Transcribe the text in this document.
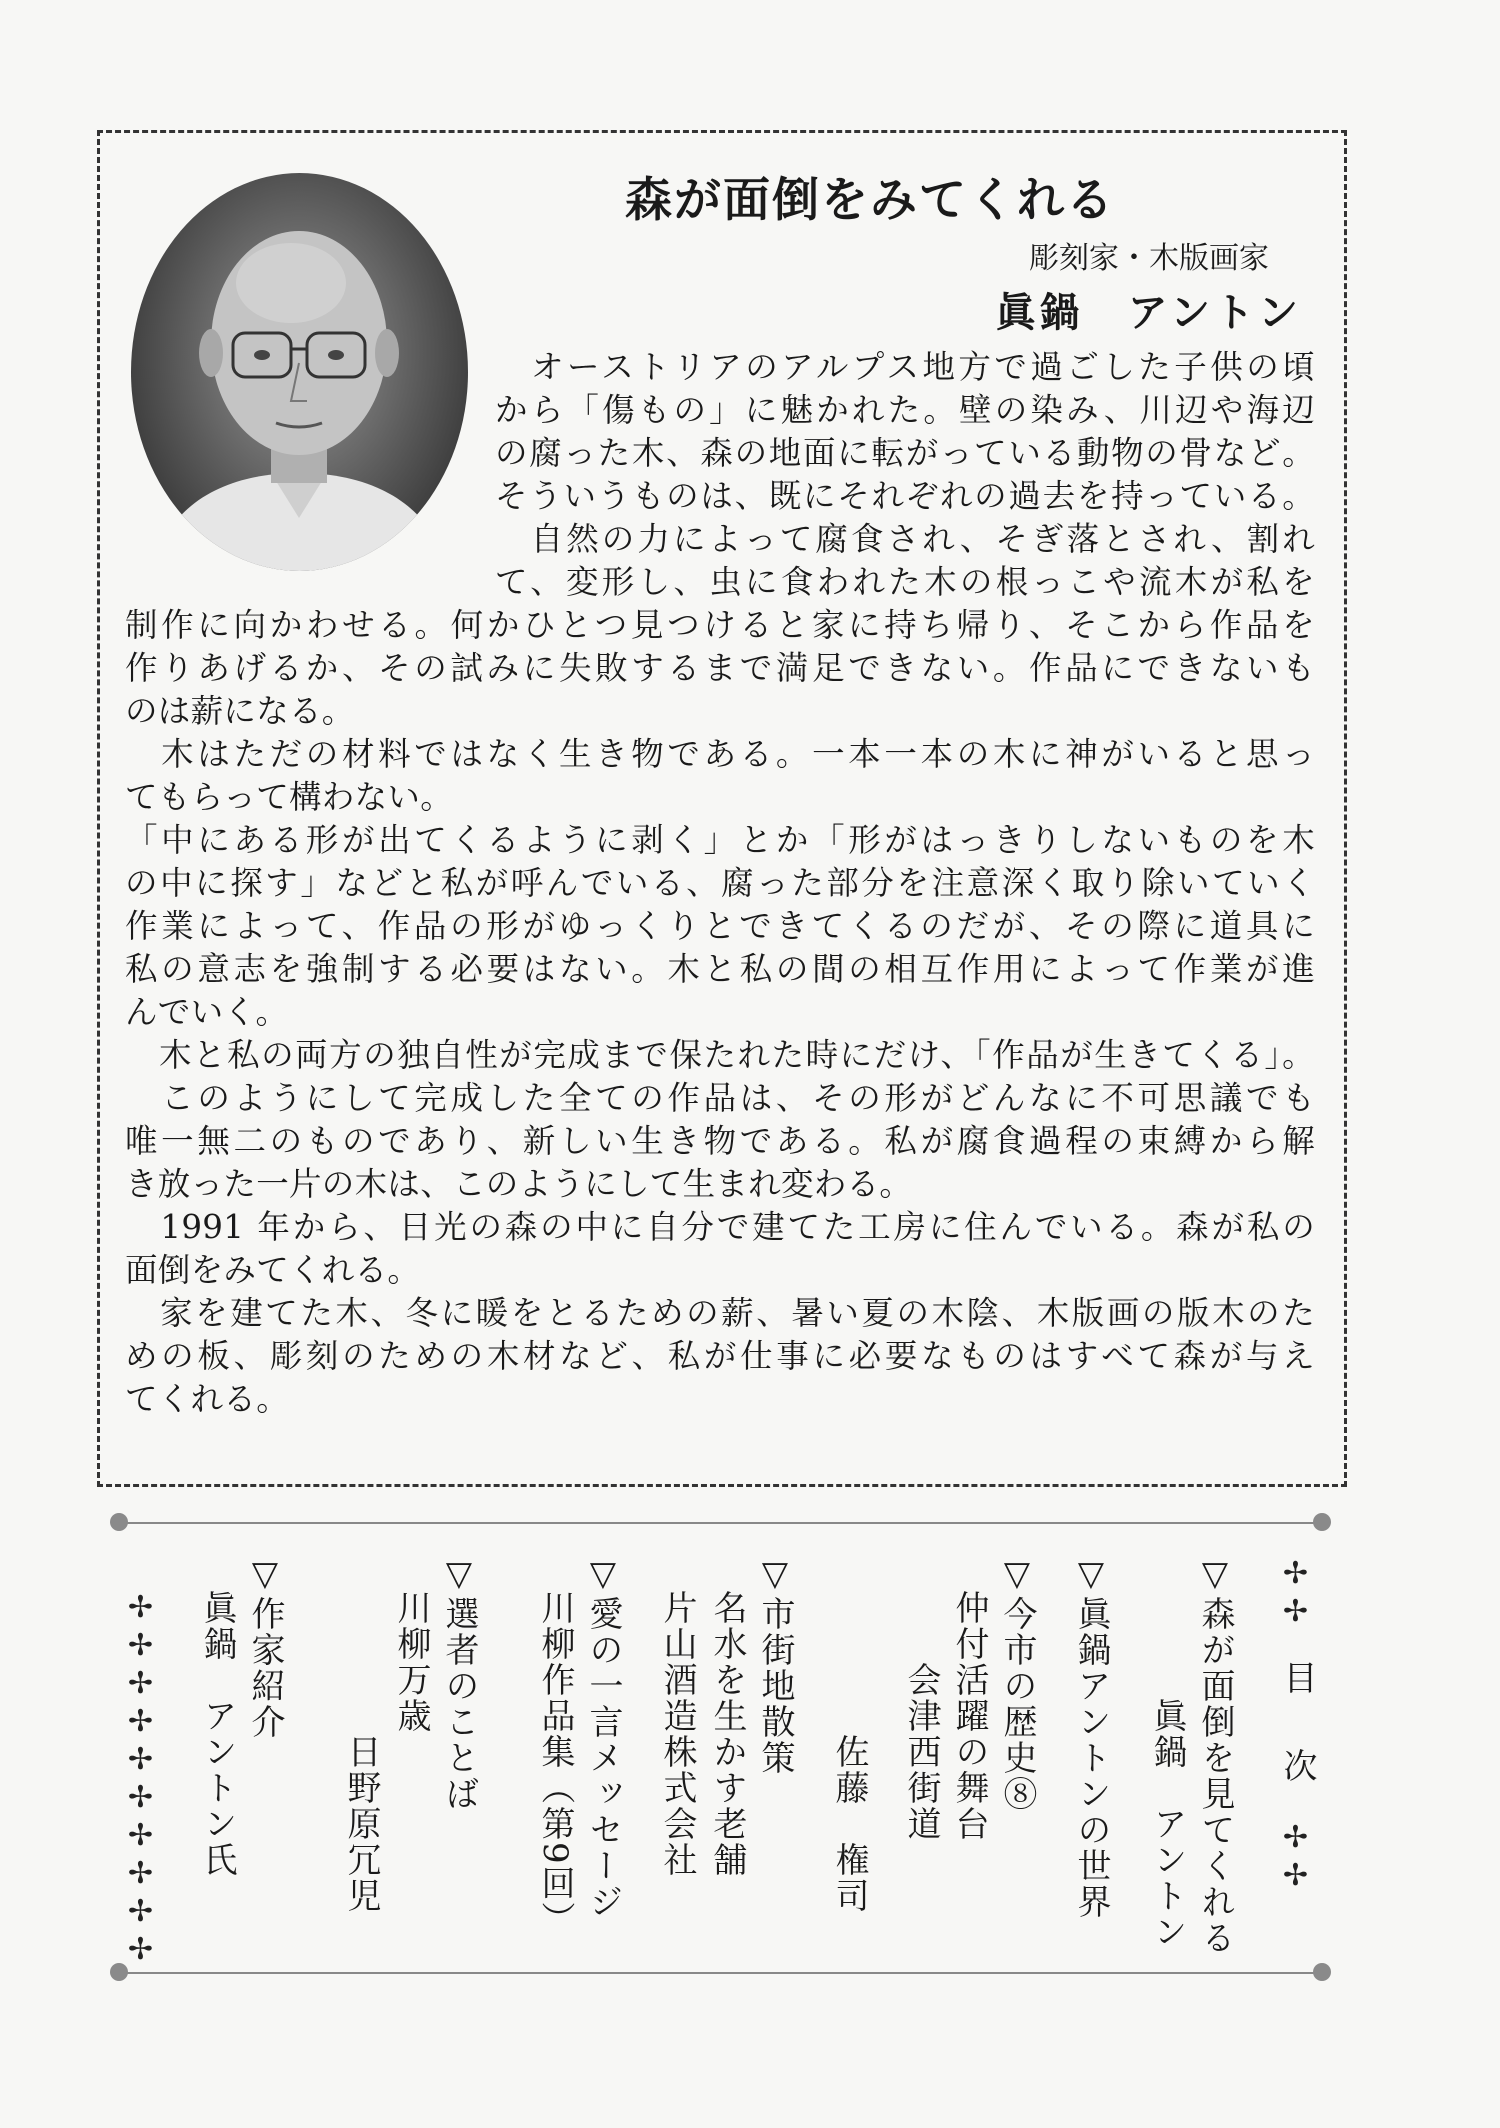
森が面倒をみてくれる
彫刻家・木版画家
眞鍋　アントン
　オーストリアのアルプス地方で過ごした子供の頃
から「傷もの」に魅かれた。壁の染み、川辺や海辺
の腐った木、森の地面に転がっている動物の骨など。
そういうものは、既にそれぞれの過去を持っている。
　自然の力によって腐食され、そぎ落とされ、割れ
て、変形し、虫に食われた木の根っこや流木が私を
制作に向かわせる。何かひとつ見つけると家に持ち帰り、そこから作品を
作りあげるか、その試みに失敗するまで満足できない。作品にできないも
のは薪になる。
　木はただの材料ではなく生き物である。一本一本の木に神がいると思っ
てもらって構わない。
「中にある形が出てくるように剥く」とか「形がはっきりしないものを木
の中に探す」などと私が呼んでいる、腐った部分を注意深く取り除いていく
作業によって、作品の形がゆっくりとできてくるのだが、その際に道具に
私の意志を強制する必要はない。木と私の間の相互作用によって作業が進
んでいく。
　木と私の両方の独自性が完成まで保たれた時にだけ、「作品が生きてくる」。
　このようにして完成した全ての作品は、その形がどんなに不可思議でも
唯一無二のものであり、新しい生き物である。私が腐食過程の束縛から解
き放った一片の木は、このようにして生まれ変わる。
　1991 年から、日光の森の中に自分で建てた工房に住んでいる。森が私の
面倒をみてくれる。
　家を建てた木、冬に暖をとるための薪、暑い夏の木陰、木版画の版木のた
めの板、彫刻のための木材など、私が仕事に必要なものはすべて森が与え
てくれる。
✢✢
目　次
✢✢
▽森が面倒を見てくれる
　　　　眞鍋　アントン
▽眞鍋アントンの世界
▽今市の歴史⑧
　仲付活躍の舞台
　　　会津西街道
　　　　　佐藤　権司
▽市街地散策
　名水を生かす老舗
　片山酒造株式会社
▽愛の一言メッセージ
　川柳作品集（第9回）
▽選者のことば
　川柳万歳
　　　　　日野原冗児
▽作家紹介
　眞鍋　アントン氏
✢✢✢✢✢✢✢✢✢✢
